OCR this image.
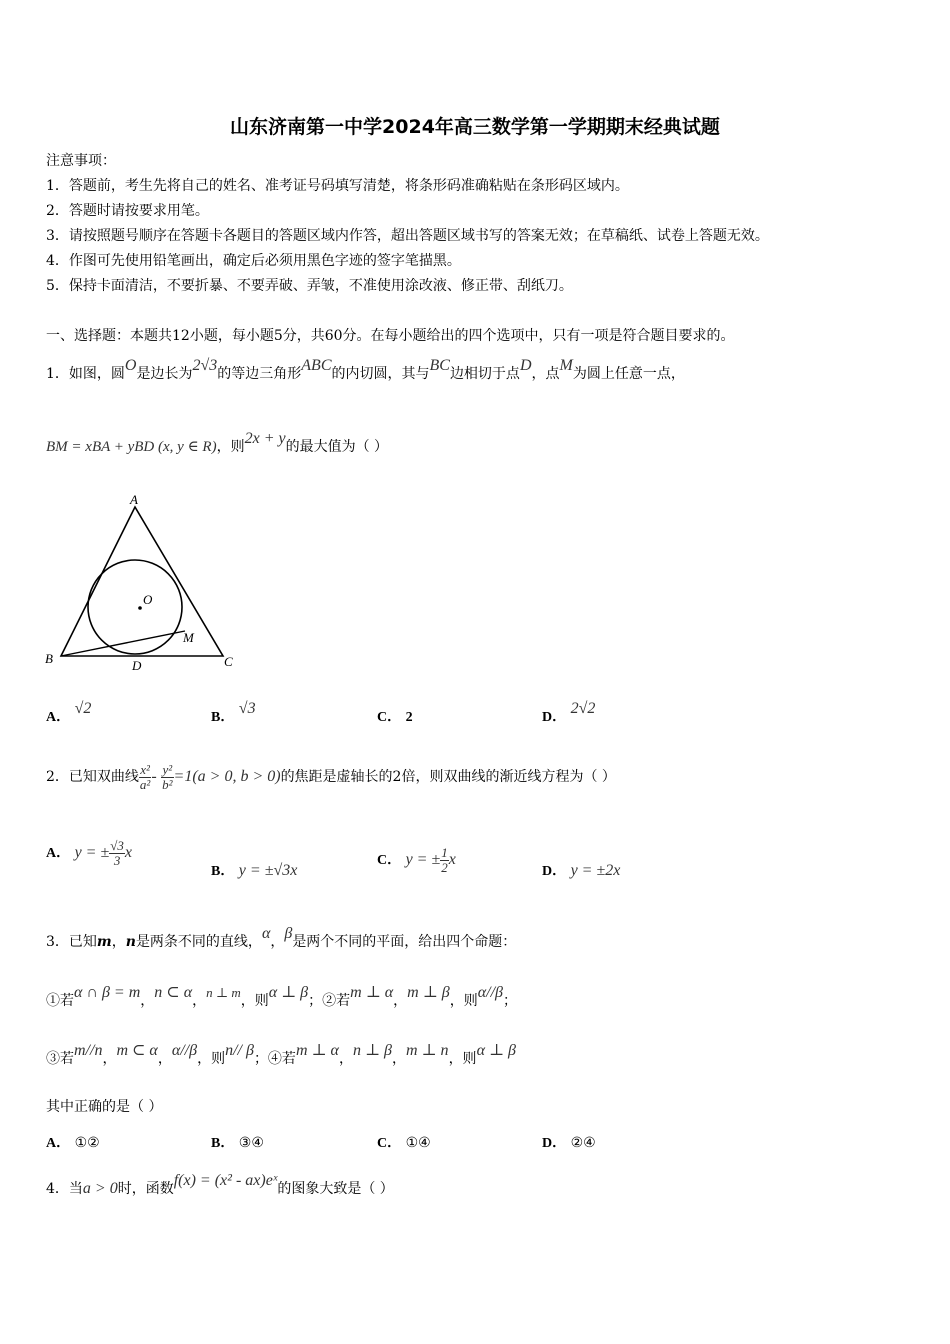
山东济南第一中学2024年高三数学第一学期期末经典试题
注意事项：
1．答题前，考生先将自己的姓名、准考证号码填写清楚，将条形码准确粘贴在条形码区域内。
2．答题时请按要求用笔。
3．请按照题号顺序在答题卡各题目的答题区域内作答，超出答题区域书写的答案无效；在草稿纸、试卷上答题无效。
4．作图可先使用铅笔画出，确定后必须用黑色字迹的签字笔描黑。
5．保持卡面清洁，不要折暴、不要弄破、弄皱，不准使用涂改液、修正带、刮纸刀。
一、选择题：本题共12小题，每小题5分，共60分。在每小题给出的四个选项中，只有一项是符合题目要求的。
1．如图，圆O是边长为2√3的等边三角形ABC的内切圆，其与BC边相切于点D，点M为圆上任意一点，
BM = xBA + yBD (x, y ∈ R)，则2x + y的最大值为（ ）
A
B	C
D
O
M
A． √2
B． √3
C． 2	D． 2√2
2．已知双曲线 $\frac{\text{x²}}{\text{a²}} - \frac{\text{y²}}{\text{b²}} =1(a > 0$, b > 0)的焦距是虚轴长的2倍，则双曲线的渐近线方程为（ ）
A． y = ± $\frac{√3}{3}$ x
B． y = ±√3x
C． y = ± $\frac{1}{2}$ x
D． y = ±2x
3．已知m，n是两条不同的直线，α，β是两个不同的平面，给出四个命题：
①若α ∩ β = m，n ⊂ α，n ⊥ m，则α ⊥ β；②若m ⊥ α，m ⊥ β，则α//β；
③若m//n，m ⊂ α，α//β，则n// β；④若m ⊥ α，n ⊥ β，m ⊥ n，则α ⊥ β
其中正确的是（ ）
A． ①②	B． ③④	C． ①④	D． ②④
4．当a > 0时，函数f(x) = (x² - ax)eˣ的图象大致是（ ）
